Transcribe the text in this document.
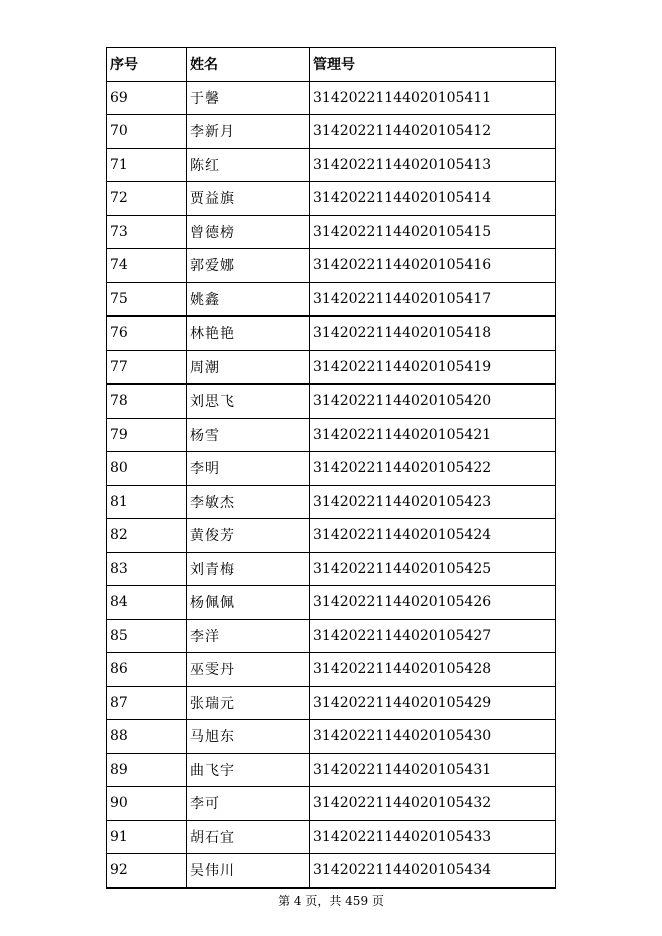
序号	姓名	管理号
69	于馨	31420221144020105411
70	李新月	31420221144020105412
71	陈红	31420221144020105413
72	贾益旗	31420221144020105414
73	曾德榜	31420221144020105415
74	郭爱娜	31420221144020105416
75	姚鑫	31420221144020105417
76	林艳艳	31420221144020105418
77	周潮	31420221144020105419
78	刘思飞	31420221144020105420
79	杨雪	31420221144020105421
80	李明	31420221144020105422
81	李敏杰	31420221144020105423
82	黄俊芳	31420221144020105424
83	刘青梅	31420221144020105425
84	杨佩佩	31420221144020105426
85	李洋	31420221144020105427
86	巫雯丹	31420221144020105428
87	张瑞元	31420221144020105429
88	马旭东	31420221144020105430
89	曲飞宇	31420221144020105431
90	李可	31420221144020105432
91	胡石宜	31420221144020105433
92	吴伟川	31420221144020105434
第 4 页，共 459 页
